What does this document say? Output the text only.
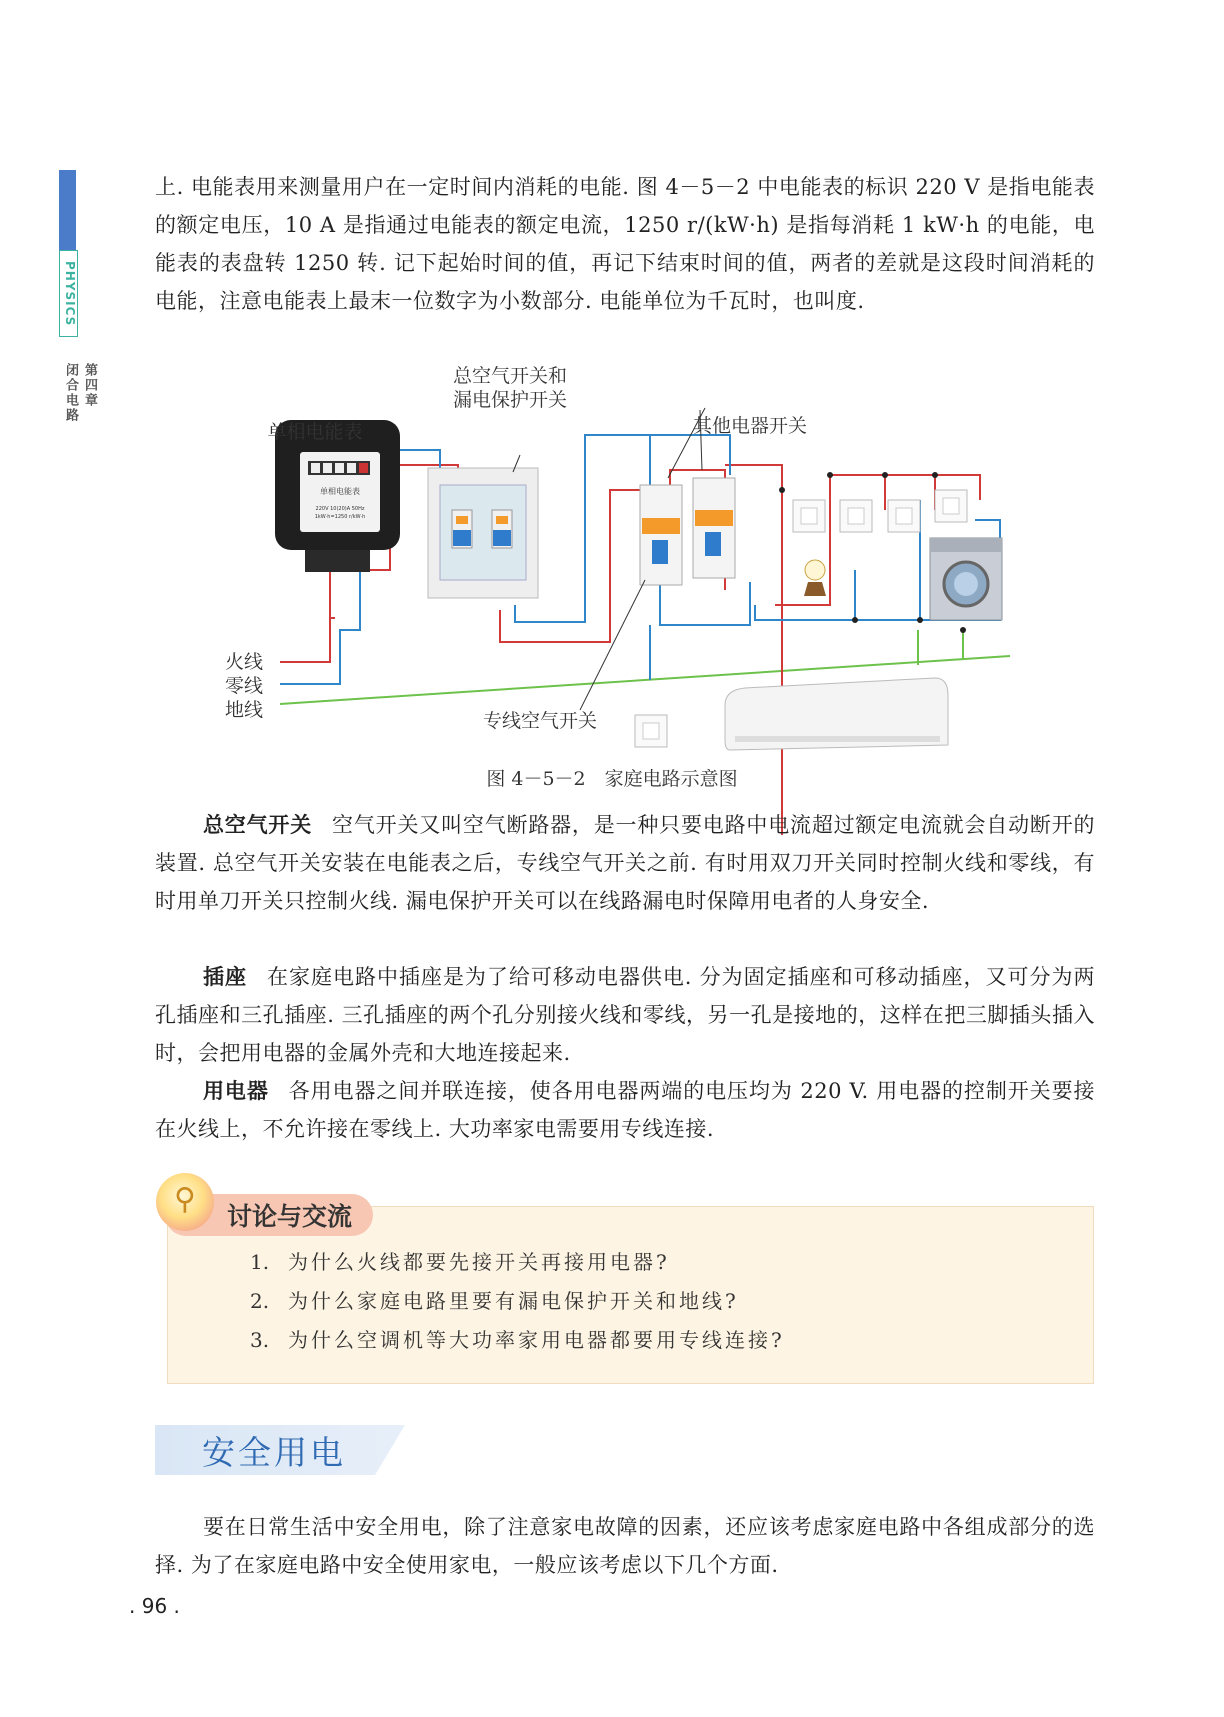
PHYSICS
第四章
闭合电路

上. 电能表用来测量用户在一定时间内消耗的电能. 图 4－5－2 中电能表的标识 220 V 是指电能表的额定电压，10 A 是指通过电能表的额定电流，1250 r/(kW·h) 是指每消耗 1 kW·h 的电能，电能表的表盘转 1250 转. 记下起始时间的值，再记下结束时间的值，两者的差就是这段时间消耗的电能，注意电能表上最末一位数字为小数部分. 电能单位为千瓦时，也叫度.

单相电能表
220V 10(20)A 50Hz
1kW·h=1250 r/kW·h
总空气开关和
漏电保护开关
单相电能表	其他电器开关
火线
零线
地线	专线空气开关
图 4－5－2　家庭电路示意图

总空气开关 空气开关又叫空气断路器，是一种只要电路中电流超过额定电流就会自动断开的装置. 总空气开关安装在电能表之后，专线空气开关之前. 有时用双刀开关同时控制火线和零线，有时用单刀开关只控制火线. 漏电保护开关可以在线路漏电时保障用电者的人身安全.

插座 在家庭电路中插座是为了给可移动电器供电. 分为固定插座和可移动插座，又可分为两孔插座和三孔插座. 三孔插座的两个孔分别接火线和零线，另一孔是接地的，这样在把三脚插头插入时，会把用电器的金属外壳和大地连接起来.

用电器 各用电器之间并联连接，使各用电器两端的电压均为 220 V. 用电器的控制开关要接在火线上，不允许接在零线上. 大功率家电需要用专线连接.

⚲ 讨论与交流
1. 为什么火线都要先接开关再接用电器?
2. 为什么家庭电路里要有漏电保护开关和地线?
3. 为什么空调机等大功率家用电器都要用专线连接?
安全用电

要在日常生活中安全用电，除了注意家电故障的因素，还应该考虑家庭电路中各组成部分的选择. 为了在家庭电路中安全使用家电，一般应该考虑以下几个方面.

. 96 .
